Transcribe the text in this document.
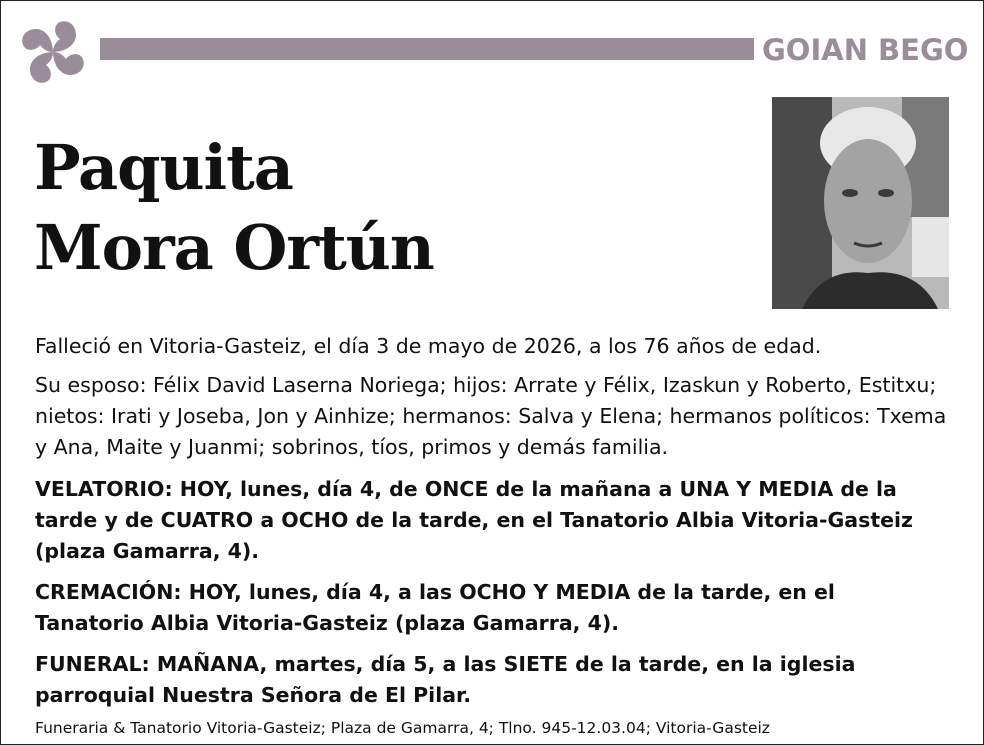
GOIAN BEGO
Paquita
Mora Ortún
Falleció en Vitoria-Gasteiz, el día 3 de mayo de 2026, a los 76 años de edad.
Su esposo: Félix David Laserna Noriega; hijos: Arrate y Félix, Izaskun y Roberto, Estitxu; nietos: Irati y Joseba, Jon y Ainhize; hermanos: Salva y Elena; hermanos políticos: Txema y Ana, Maite y Juanmi; sobrinos, tíos, primos y demás familia.
VELATORIO: HOY, lunes, día 4, de ONCE de la mañana a UNA Y MEDIA de la tarde y de CUATRO a OCHO de la tarde, en el Tanatorio Albia Vitoria-Gasteiz (plaza Gamarra, 4).
CREMACIÓN: HOY, lunes, día 4, a las OCHO Y MEDIA de la tarde, en el Tanatorio Albia Vitoria-Gasteiz (plaza Gamarra, 4).
FUNERAL: MAÑANA, martes, día 5, a las SIETE de la tarde, en la iglesia parroquial Nuestra Señora de El Pilar.
Funeraria & Tanatorio Vitoria-Gasteiz; Plaza de Gamarra, 4; Tlno. 945-12.03.04; Vitoria-Gasteiz
